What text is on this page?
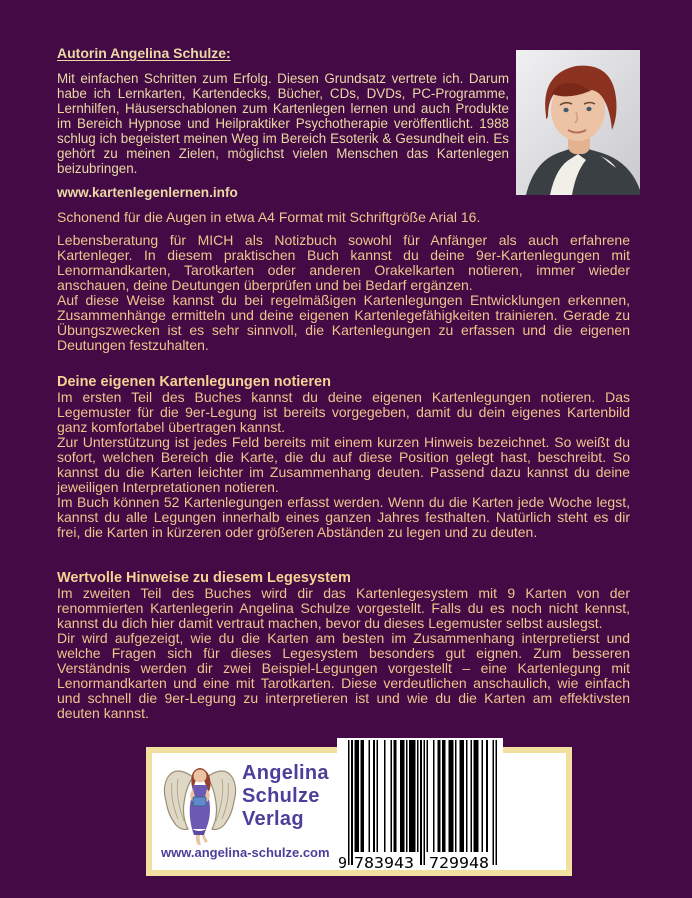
Autorin Angelina Schulze:

Mit einfachen Schritten zum Erfolg. Diesen Grundsatz vertrete ich. Darum habe ich Lernkarten, Kartendecks, Bücher, CDs, DVDs, PC-Programme, Lernhilfen, Häuserschablonen zum Kartenlegen lernen und auch Produkte im Bereich Hypnose und Heilpraktiker Psychotherapie veröffentlicht. 1988 schlug ich begeistert meinen Weg im Bereich Esoterik & Gesundheit ein. Es gehört zu meinen Zielen, möglichst vielen Menschen das Kartenlegen beizubringen.

www.kartenlegenlernen.info

Schonend für die Augen in etwa A4 Format mit Schriftgröße Arial 16.

Lebensberatung für MICH als Notizbuch sowohl für Anfänger als auch erfahrene Kartenleger. In diesem praktischen Buch kannst du deine 9er-Kartenlegungen mit Lenormandkarten, Tarotkarten oder anderen Orakelkarten notieren, immer wieder anschauen, deine Deutungen überprüfen und bei Bedarf ergänzen.

Auf diese Weise kannst du bei regelmäßigen Kartenlegungen Entwicklungen erkennen, Zusammenhänge ermitteln und deine eigenen Kartenlegefähigkeiten trainieren. Gerade zu Übungszwecken ist es sehr sinnvoll, die Kartenlegungen zu erfassen und die eigenen Deutungen festzuhalten.

Deine eigenen Kartenlegungen notieren

Im ersten Teil des Buches kannst du deine eigenen Kartenlegungen notieren. Das Legemuster für die 9er-Legung ist bereits vorgegeben, damit du dein eigenes Kartenbild ganz komfortabel übertragen kannst.

Zur Unterstützung ist jedes Feld bereits mit einem kurzen Hinweis bezeichnet. So weißt du sofort, welchen Bereich die Karte, die du auf diese Position gelegt hast, beschreibt. So kannst du die Karten leichter im Zusammenhang deuten. Passend dazu kannst du deine jeweiligen Interpretationen notieren.

Im Buch können 52 Kartenlegungen erfasst werden. Wenn du die Karten jede Woche legst, kannst du alle Legungen innerhalb eines ganzen Jahres festhalten. Natürlich steht es dir frei, die Karten in kürzeren oder größeren Abständen zu legen und zu deuten.

Wertvolle Hinweise zu diesem Legesystem

Im zweiten Teil des Buches wird dir das Kartenlegesystem mit 9 Karten von der renommierten Kartenlegerin Angelina Schulze vorgestellt. Falls du es noch nicht kennst, kannst du dich hier damit vertraut machen, bevor du dieses Legemuster selbst auslegst.

Dir wird aufgezeigt, wie du die Karten am besten im Zusammenhang interpretierst und welche Fragen sich für dieses Legesystem besonders gut eignen. Zum besseren Verständnis werden dir zwei Beispiel-Legungen vorgestellt – eine Kartenlegung mit Lenormandkarten und eine mit Tarotkarten. Diese verdeutlichen anschaulich, wie einfach und schnell die 9er-Legung zu interpretieren ist und wie du die Karten am effektivsten deuten kannst.

Angelina
Schulze
Verlag
www.angelina-schulze.com
9 783943 729948
